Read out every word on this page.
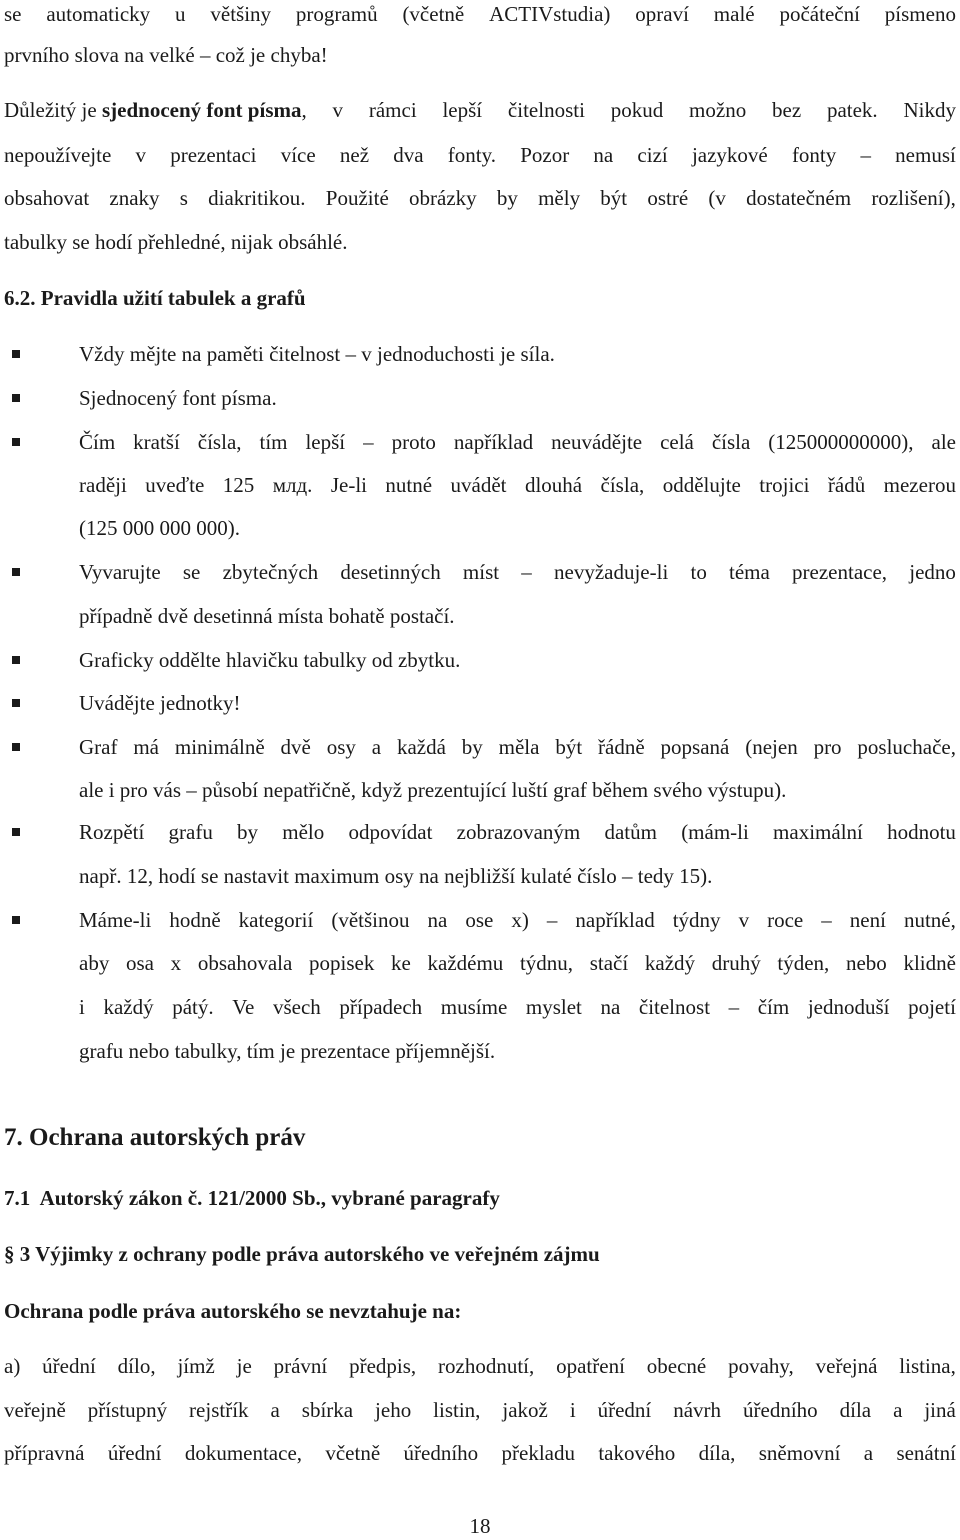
se automaticky u většiny programů (včetně ACTIVstudia) opraví malé počáteční písmeno
prvního slova na velké – což je chyba!
Důležitý je sjednocený font písma , v rámci lepší čitelnosti pokud možno bez patek. Nikdy
nepoužívejte v prezentaci více než dva fonty. Pozor na cizí jazykové fonty – nemusí
obsahovat znaky s diakritikou. Použité obrázky by měly být ostré (v dostatečném rozlišení),
tabulky se hodí přehledné, nijak obsáhlé.
6.2. Pravidla užití tabulek a grafů
Vždy mějte na paměti čitelnost – v jednoduchosti je síla.
Sjednocený font písma.
Čím kratší čísla, tím lepší – proto například neuvádějte celá čísla (125000000000), ale
raději uveďte 125 млд. Je-li nutné uvádět dlouhá čísla, oddělujte trojici řádů mezerou
(125 000 000 000).
Vyvarujte se zbytečných desetinných míst – nevyžaduje-li to téma prezentace, jedno
případně dvě desetinná místa bohatě postačí.
Graficky oddělte hlavičku tabulky od zbytku.
Uvádějte jednotky!
Graf má minimálně dvě osy a každá by měla být řádně popsaná (nejen pro posluchače,
ale i pro vás – působí nepatřičně, když prezentující luští graf během svého výstupu).
Rozpětí grafu by mělo odpovídat zobrazovaným datům (mám-li maximální hodnotu
např. 12, hodí se nastavit maximum osy na nejbližší kulaté číslo – tedy 15).
Máme-li hodně kategorií (většinou na ose x) – například týdny v roce – není nutné,
aby osa x obsahovala popisek ke každému týdnu, stačí každý druhý týden, nebo klidně
i každý pátý. Ve všech případech musíme myslet na čitelnost – čím jednoduší pojetí
grafu nebo tabulky, tím je prezentace příjemnější.
7. Ochrana autorských práv
7.1  Autorský zákon č. 121/2000 Sb., vybrané paragrafy
§ 3 Výjimky z ochrany podle práva autorského ve veřejném zájmu
Ochrana podle práva autorského se nevztahuje na:
a) úřední dílo, jímž je právní předpis, rozhodnutí, opatření obecné povahy, veřejná listina,
veřejně přístupný rejstřík a sbírka jeho listin, jakož i úřední návrh úředního díla a jiná
přípravná úřední dokumentace, včetně úředního překladu takového díla, sněmovní a senátní
18
